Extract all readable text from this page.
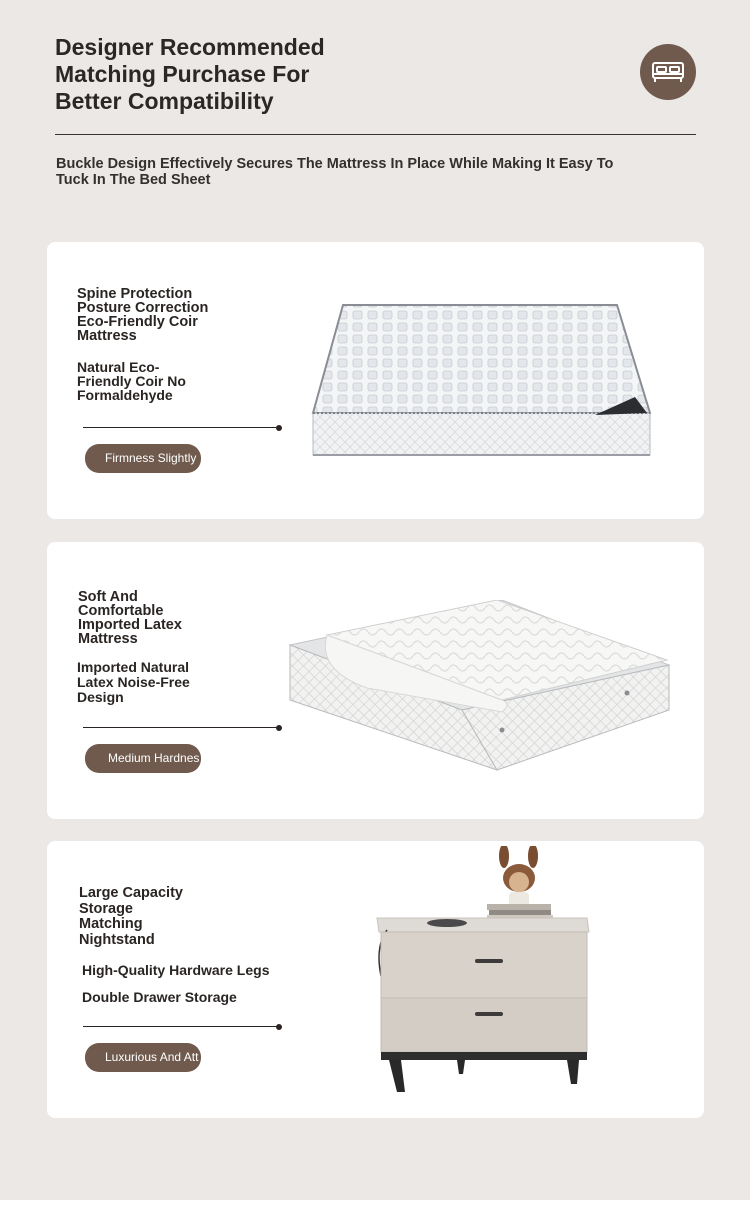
Designer Recommended Matching Purchase For Better Compatibility
Buckle Design Effectively Secures The Mattress In Place While Making It Easy To Tuck In The Bed Sheet
Spine Protection Posture Correction Eco-Friendly Coir Mattress
Natural Eco-Friendly Coir No Formaldehyde
Firmness Slightly
Soft And Comfortable Imported Latex Mattress
Imported Natural Latex Noise-Free Design
Medium Hardnes
Large Capacity Storage Matching Nightstand
High-Quality Hardware Legs
Double Drawer Storage
Luxurious And Att
